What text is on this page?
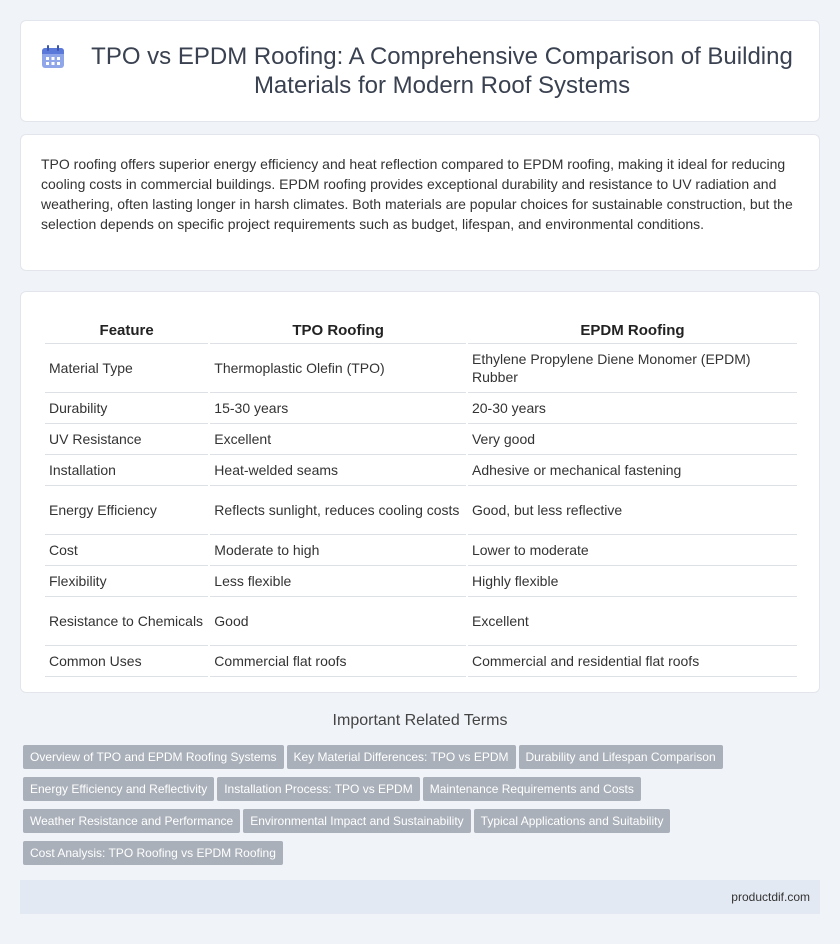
TPO vs EPDM Roofing: A Comprehensive Comparison of Building Materials for Modern Roof Systems

TPO roofing offers superior energy efficiency and heat reflection compared to EPDM roofing, making it ideal for reducing cooling costs in commercial buildings. EPDM roofing provides exceptional durability and resistance to UV radiation and weathering, often lasting longer in harsh climates. Both materials are popular choices for sustainable construction, but the selection depends on specific project requirements such as budget, lifespan, and environmental conditions.

Feature	TPO Roofing	EPDM Roofing
Material Type	Thermoplastic Olefin (TPO)	Ethylene Propylene Diene Monomer (EPDM) Rubber
Durability	15-30 years	20-30 years
UV Resistance	Excellent	Very good
Installation	Heat-welded seams	Adhesive or mechanical fastening
Energy Efficiency	Reflects sunlight, reduces cooling costs	Good, but less reflective
Cost	Moderate to high	Lower to moderate
Flexibility	Less flexible	Highly flexible
Resistance to Chemicals	Good	Excellent
Common Uses	Commercial flat roofs	Commercial and residential flat roofs
Important Related Terms
Overview of TPO and EPDM Roofing Systems Key Material Differences: TPO vs EPDM Durability and Lifespan Comparison
Energy Efficiency and Reflectivity Installation Process: TPO vs EPDM Maintenance Requirements and Costs
Weather Resistance and Performance Environmental Impact and Sustainability Typical Applications and Suitability
Cost Analysis: TPO Roofing vs EPDM Roofing
productdif.com
